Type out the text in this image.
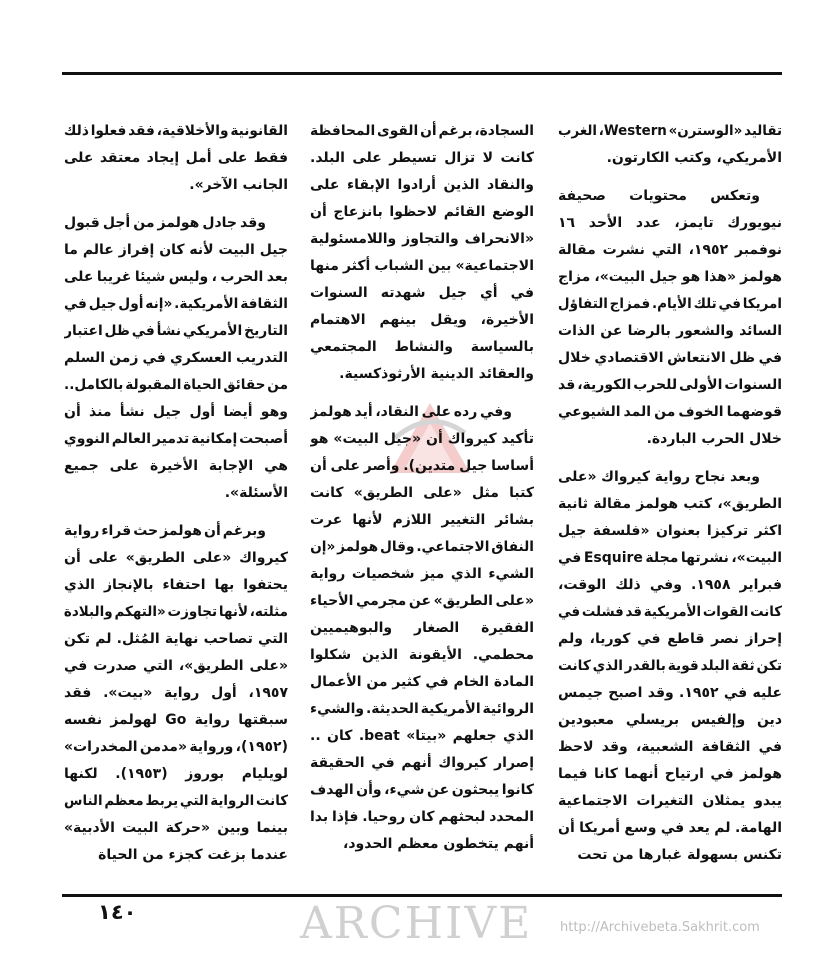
تقاليد «الوسترن» Western، الغرب
الأمريكي، وكتب الكارتون.
وتعكس محتويات صحيفة
نيويورك تايمز، عدد الأحد ١٦
نوفمبر ١٩٥٢، التي نشرت مقالة
هولمز «هذا هو جيل البيت»، مزاج
امريكا في تلك الأيام. فمزاج التفاؤل
السائد والشعور بالرضا عن الذات
في ظل الانتعاش الاقتصادي خلال
السنوات الأولى للحرب الكورية، قد
قوضهما الخوف من المد الشيوعي
خلال الحرب الباردة.
وبعد نجاح رواية كيرواك «على
الطريق»، كتب هولمز مقالة ثانية
اكثر تركيزا بعنوان «فلسفة جيل
البيت»، نشرتها مجلة Esquire في
فبراير ١٩٥٨. وفي ذلك الوقت،
كانت القوات الأمريكية قد فشلت في
إحراز نصر قاطع في كوريا، ولم
تكن ثقة البلد قوية بالقدر الذي كانت
عليه في ١٩٥٢. وقد اصبح جيمس
دين وإلفيس بريسلي معبودين
في الثقافة الشعبية، وقد لاحظ
هولمز في ارتياح أنهما كانا فيما
يبدو يمثلان التغيرات الاجتماعية
الهامة. لم يعد في وسع أمريكا أن
تكنس بسهولة غبارها من تحت
السجادة، برغم أن القوى المحافظة
كانت لا تزال تسيطر على البلد.
والنقاد الذين أرادوا الإبقاء على
الوضع القائم لاحظوا بانزعاج أن
«الانحراف والتجاوز واللامسئولية
الاجتماعية» بين الشباب أكثر منها
في أي جيل شهدته السنوات
الأخيرة، ويقل بينهم الاهتمام
بالسياسة والنشاط المجتمعي
والعقائد الدينية الأرثوذكسية.
وفي رده على النقاد، أيد هولمز
تأكيد كيرواك أن «جيل البيت» هو
أساسا جيل متدين). وأصر على أن
كتبا مثل «على الطريق» كانت
بشائر التغيير اللازم لأنها عرت
النفاق الاجتماعي. وقال هولمز «إن
الشيء الذي ميز شخصيات رواية
«على الطريق» عن مجرمي الأحياء
الفقيرة الصغار والبوهيميين
محطمي. الأيقونة الذين شكلوا
المادة الخام في كثير من الأعمال
الروائية الأمريكية الحديثة. والشيء
الذي جعلهم «بيتا» beat. كان ..
إصرار كيرواك أنهم في الحقيقة
كانوا يبحثون عن شيء، وأن الهدف
المحدد لبحثهم كان روحيا. فإذا بدا
أنهم يتخطون معظم الحدود،
القانونية والأخلاقية، فقد فعلوا ذلك
فقط على أمل إيجاد معتقد على
الجانب الآخر».
وقد جادل هولمز من أجل قبول
جيل البيت لأنه كان إفراز عالم ما
بعد الحرب ، وليس شيئا غريبا على
الثقافة الأمريكية. «إنه أول جيل في
التاريخ الأمريكي نشأ في ظل اعتبار
التدريب العسكري في زمن السلم
من حقائق الحياة المقبولة بالكامل..
وهو أيضا أول جيل نشأ منذ أن
أصبحت إمكانية تدمير العالم النووي
هي الإجابة الأخيرة على جميع
الأسئلة».
وبرغم أن هولمز حث قراء رواية
كيرواك «على الطريق» على أن
يحتفوا بها احتفاء بالإنجاز الذي
مثلته، لأنها تجاوزت «التهكم والبلادة
التي تصاحب نهاية المُثل. لم تكن
«على الطريق»، التي صدرت في
١٩٥٧، أول رواية «بيت». فقد
سبقتها رواية Go لهولمز نفسه
(١٩٥٢)، ورواية «مدمن المخدرات»
لويليام بوروز (١٩٥٣). لكنها
كانت الرواية التي يربط معظم الناس
بينما وبين «حركة البيت الأدبية»
عندما بزغت كجزء من الحياة
١٤٠	ARCHIVE http://Archivebeta.Sakhrit.com
